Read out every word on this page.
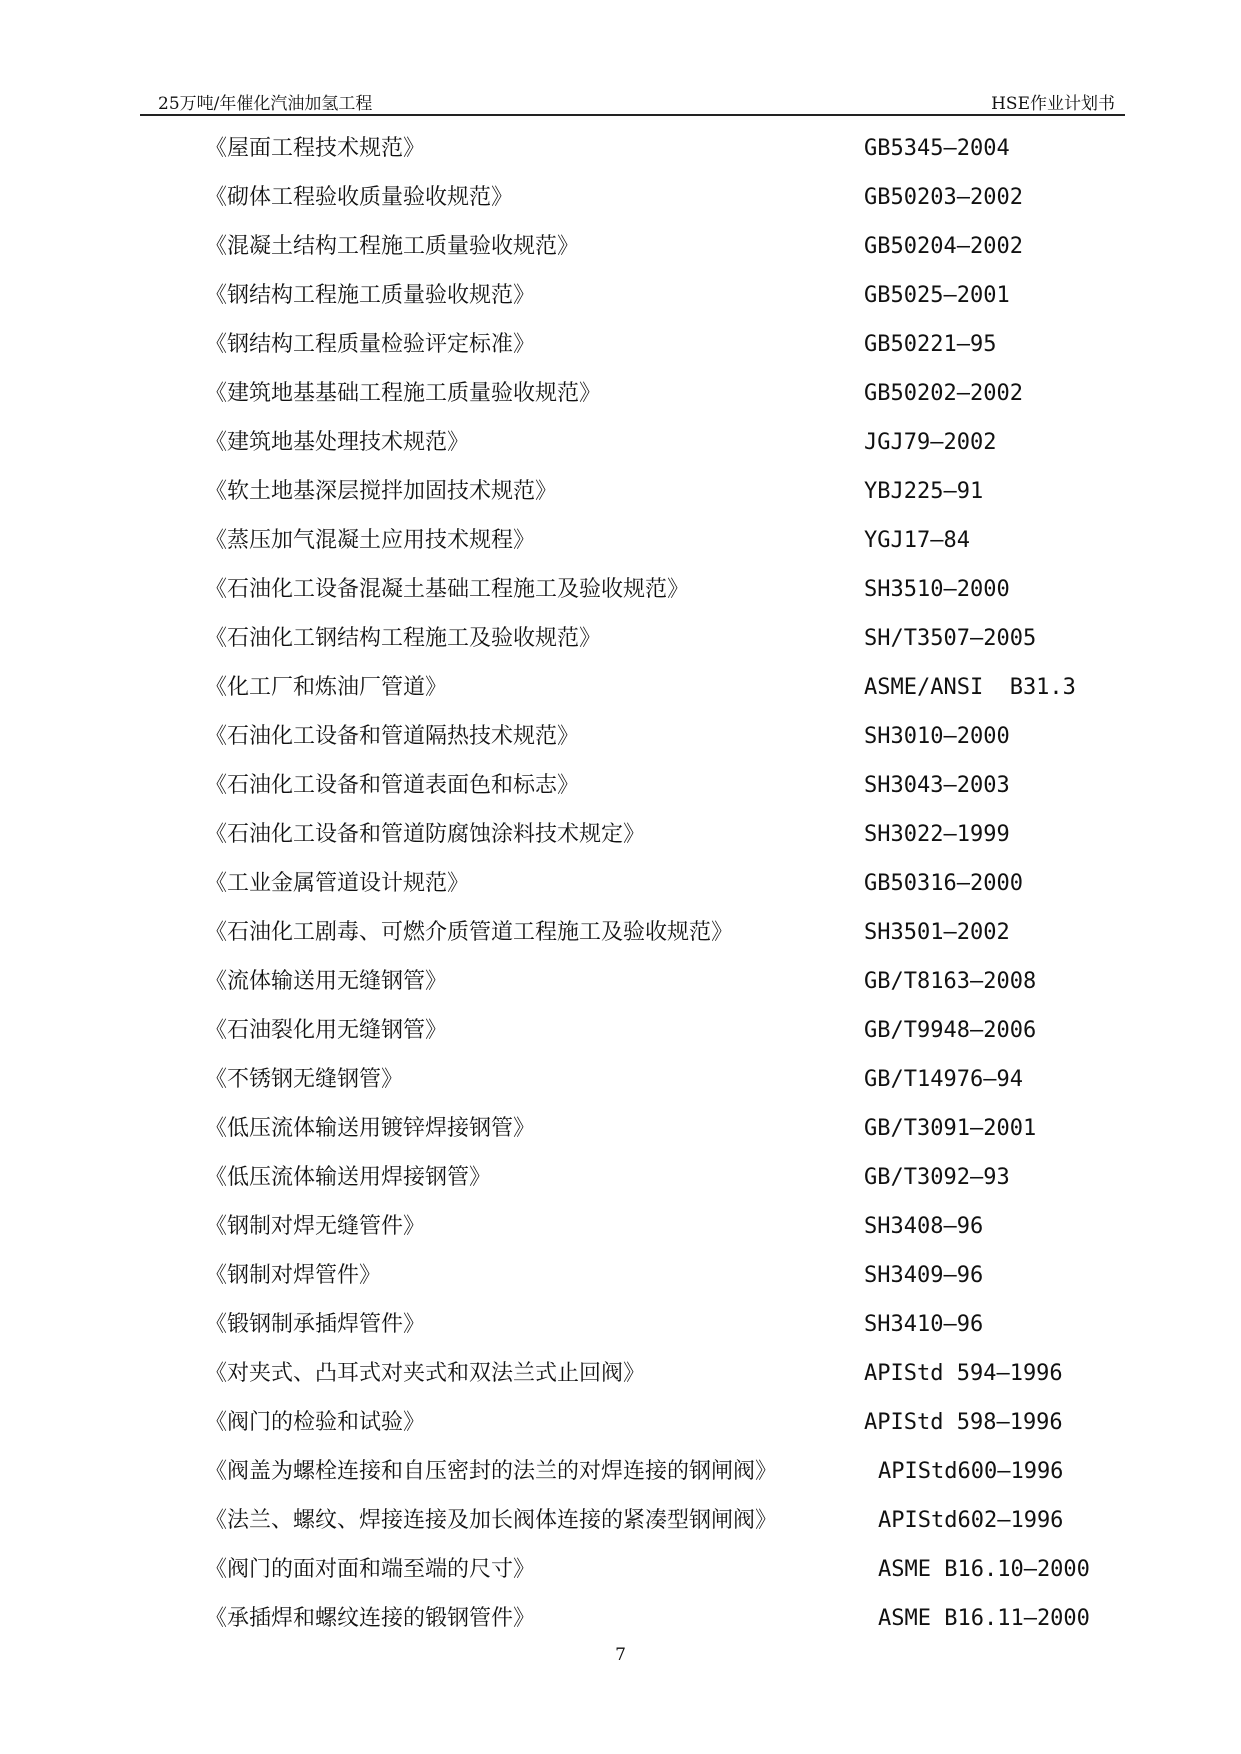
25万吨/年催化汽油加氢工程	HSE作业计划书
《屋面工程技术规范》	GB5345—2004
《砌体工程验收质量验收规范》	GB50203—2002
《混凝土结构工程施工质量验收规范》	GB50204—2002
《钢结构工程施工质量验收规范》	GB5025—2001
《钢结构工程质量检验评定标准》	GB50221—95
《建筑地基基础工程施工质量验收规范》	GB50202—2002
《建筑地基处理技术规范》	JGJ79—2002
《软土地基深层搅拌加固技术规范》	YBJ225—91
《蒸压加气混凝土应用技术规程》	YGJ17—84
《石油化工设备混凝土基础工程施工及验收规范》	SH3510—2000
《石油化工钢结构工程施工及验收规范》	SH/T3507—2005
《化工厂和炼油厂管道》	ASME/ANSI  B31.3
《石油化工设备和管道隔热技术规范》	SH3010—2000
《石油化工设备和管道表面色和标志》	SH3043—2003
《石油化工设备和管道防腐蚀涂料技术规定》	SH3022—1999
《工业金属管道设计规范》	GB50316—2000
《石油化工剧毒、可燃介质管道工程施工及验收规范》	SH3501—2002
《流体输送用无缝钢管》	GB/T8163—2008
《石油裂化用无缝钢管》	GB/T9948—2006
《不锈钢无缝钢管》	GB/T14976—94
《低压流体输送用镀锌焊接钢管》	GB/T3091—2001
《低压流体输送用焊接钢管》	GB/T3092—93
《钢制对焊无缝管件》	SH3408—96
《钢制对焊管件》	SH3409—96
《锻钢制承插焊管件》	SH3410—96
《对夹式、凸耳式对夹式和双法兰式止回阀》	APIStd 594—1996
《阀门的检验和试验》	APIStd 598—1996
《阀盖为螺栓连接和自压密封的法兰的对焊连接的钢闸阀》	APIStd600—1996
《法兰、螺纹、焊接连接及加长阀体连接的紧凑型钢闸阀》	APIStd602—1996
《阀门的面对面和端至端的尺寸》	ASME B16.10—2000
《承插焊和螺纹连接的锻钢管件》	ASME B16.11—2000
7
